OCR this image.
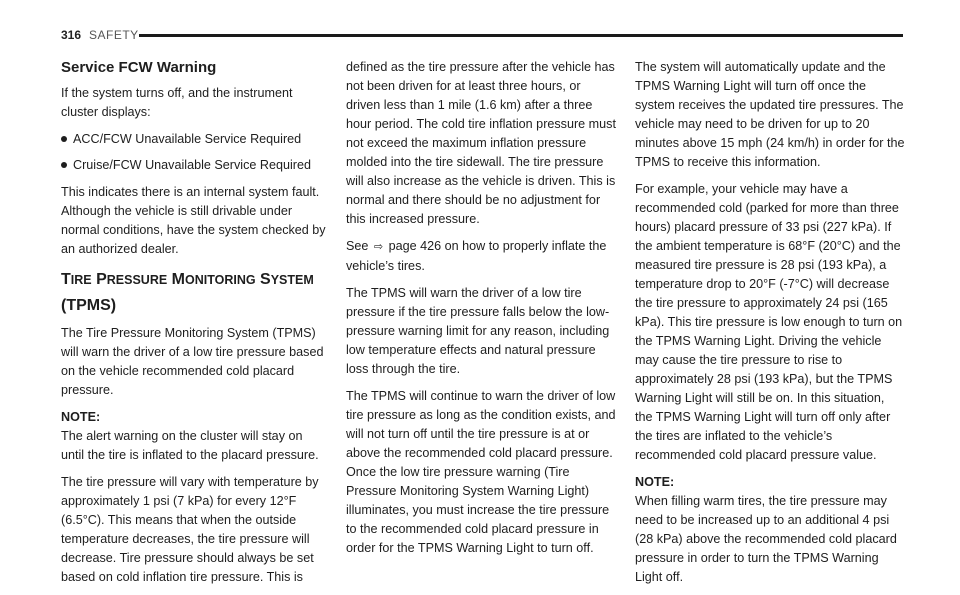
316 SAFETY
Service FCW Warning

If the system turns off, and the instrument cluster displays:

ACC/FCW Unavailable Service Required
Cruise/FCW Unavailable Service Required

This indicates there is an internal system fault. Although the vehicle is still drivable under normal conditions, have the system checked by an authorized dealer.

TIRE PRESSURE MONITORING SYSTEM
(TPMS)

The Tire Pressure Monitoring System (TPMS) will warn the driver of a low tire pressure based on the vehicle recommended cold placard pressure.

NOTE:
The alert warning on the cluster will stay on until the tire is inflated to the placard pressure.

The tire pressure will vary with temperature by approximately 1 psi (7 kPa) for every 12°F (6.5°C). This means that when the outside temperature decreases, the tire pressure will decrease. Tire pressure should always be set based on cold inflation tire pressure. This is

defined as the tire pressure after the vehicle has not been driven for at least three hours, or driven less than 1 mile (1.6 km) after a three hour period. The cold tire inflation pressure must not exceed the maximum inflation pressure molded into the tire sidewall. The tire pressure will also increase as the vehicle is driven. This is normal and there should be no adjustment for this increased pressure.

See ⇨ page 426 on how to properly inflate the vehicle’s tires.

The TPMS will warn the driver of a low tire pressure if the tire pressure falls below the low-pressure warning limit for any reason, including low temperature effects and natural pressure loss through the tire.

The TPMS will continue to warn the driver of low tire pressure as long as the condition exists, and will not turn off until the tire pressure is at or above the recommended cold placard pressure. Once the low tire pressure warning (Tire Pressure Monitoring System Warning Light) illuminates, you must increase the tire pressure to the recommended cold placard pressure in order for the TPMS Warning Light to turn off.

The system will automatically update and the TPMS Warning Light will turn off once the system receives the updated tire pressures. The vehicle may need to be driven for up to 20 minutes above 15 mph (24 km/h) in order for the TPMS to receive this information.

For example, your vehicle may have a recommended cold (parked for more than three hours) placard pressure of 33 psi (227 kPa). If the ambient temperature is 68°F (20°C) and the measured tire pressure is 28 psi (193 kPa), a temperature drop to 20°F (-7°C) will decrease the tire pressure to approximately 24 psi (165 kPa). This tire pressure is low enough to turn on the TPMS Warning Light. Driving the vehicle may cause the tire pressure to rise to approximately 28 psi (193 kPa), but the TPMS Warning Light will still be on. In this situation, the TPMS Warning Light will turn off only after the tires are inflated to the vehicle’s recommended cold placard pressure value.

NOTE:
When filling warm tires, the tire pressure may need to be increased up to an additional 4 psi (28 kPa) above the recommended cold placard pressure in order to turn the TPMS Warning Light off.
